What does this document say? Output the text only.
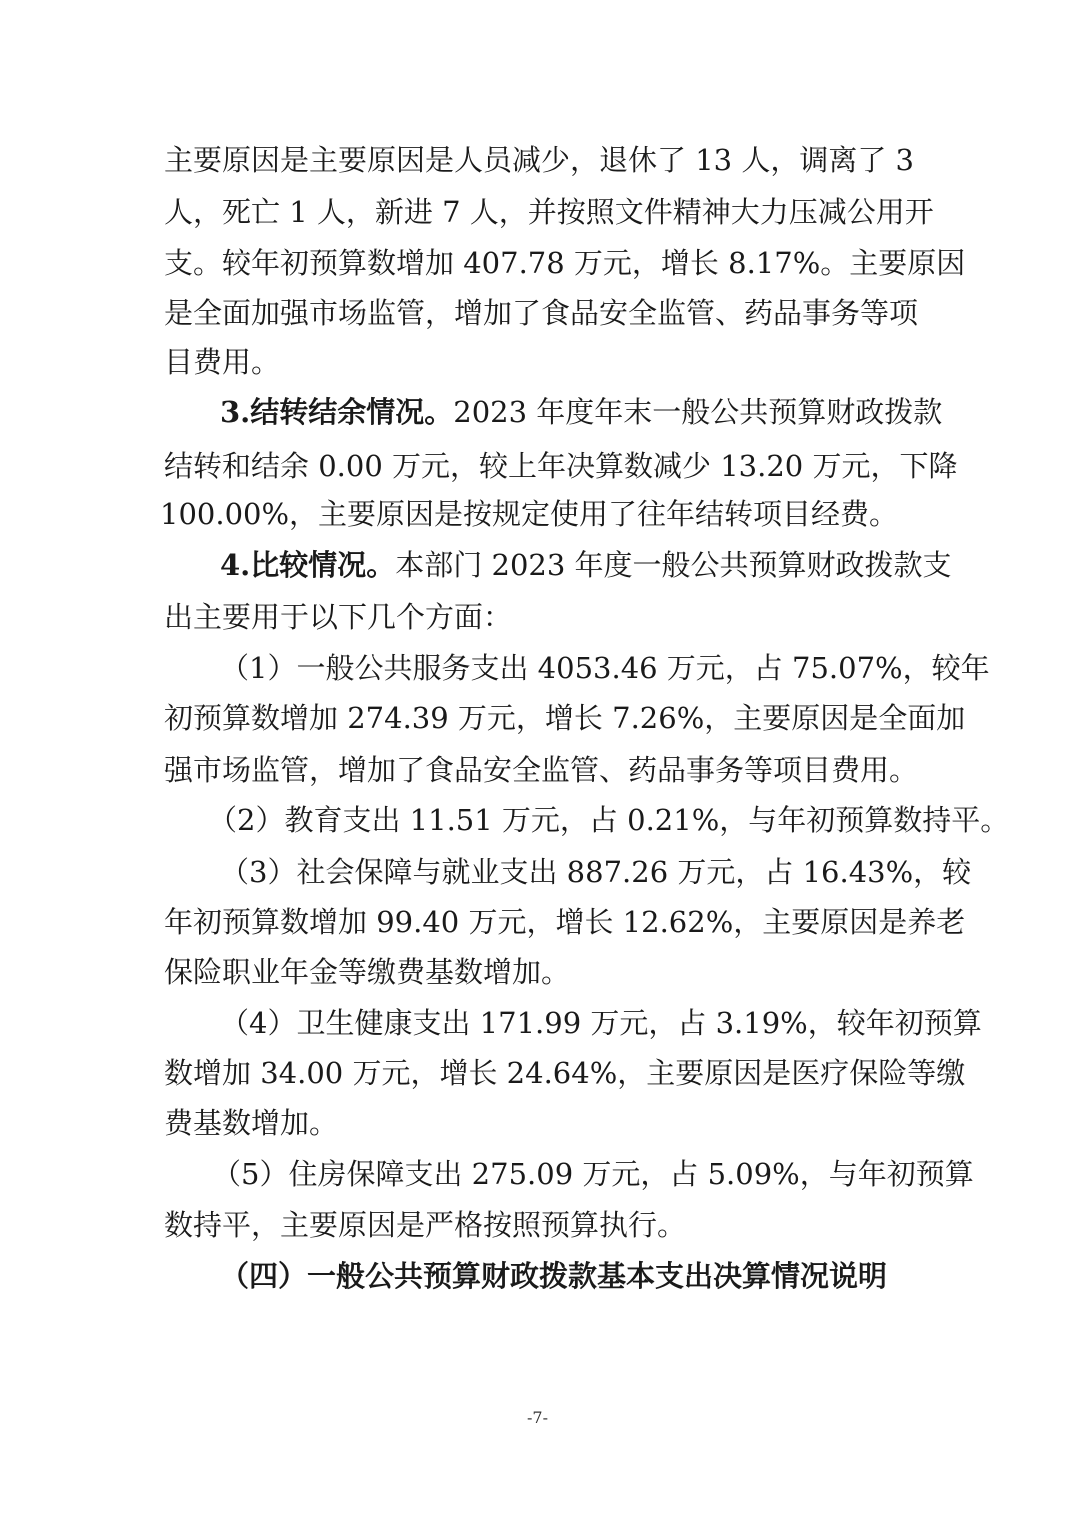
主要原因是主要原因是人员减少，退休了 13 人，调离了 3
人，死亡 1 人，新进 7 人，并按照文件精神大力压减公用开
支。较年初预算数增加 407.78 万元，增长 8.17%。主要原因
是全面加强市场监管，增加了食品安全监管、药品事务等项
目费用。
3.结转结余情况。2023 年度年末一般公共预算财政拨款
结转和结余 0.00 万元，较上年决算数减少 13.20 万元，下降
100.00%，主要原因是按规定使用了往年结转项目经费。
4.比较情况。本部门 2023 年度一般公共预算财政拨款支
出主要用于以下几个方面：
（1）一般公共服务支出 4053.46 万元，占 75.07%，较年
初预算数增加 274.39 万元，增长 7.26%，主要原因是全面加
强市场监管，增加了食品安全监管、药品事务等项目费用。
（2）教育支出 11.51 万元，占 0.21%，与年初预算数持平。
（3）社会保障与就业支出 887.26 万元，占 16.43%，较
年初预算数增加 99.40 万元，增长 12.62%，主要原因是养老
保险职业年金等缴费基数增加。
（4）卫生健康支出 171.99 万元，占 3.19%，较年初预算
数增加 34.00 万元，增长 24.64%，主要原因是医疗保险等缴
费基数增加。
（5）住房保障支出 275.09 万元，占 5.09%，与年初预算
数持平，主要原因是严格按照预算执行。
（四）一般公共预算财政拨款基本支出决算情况说明
-7-
